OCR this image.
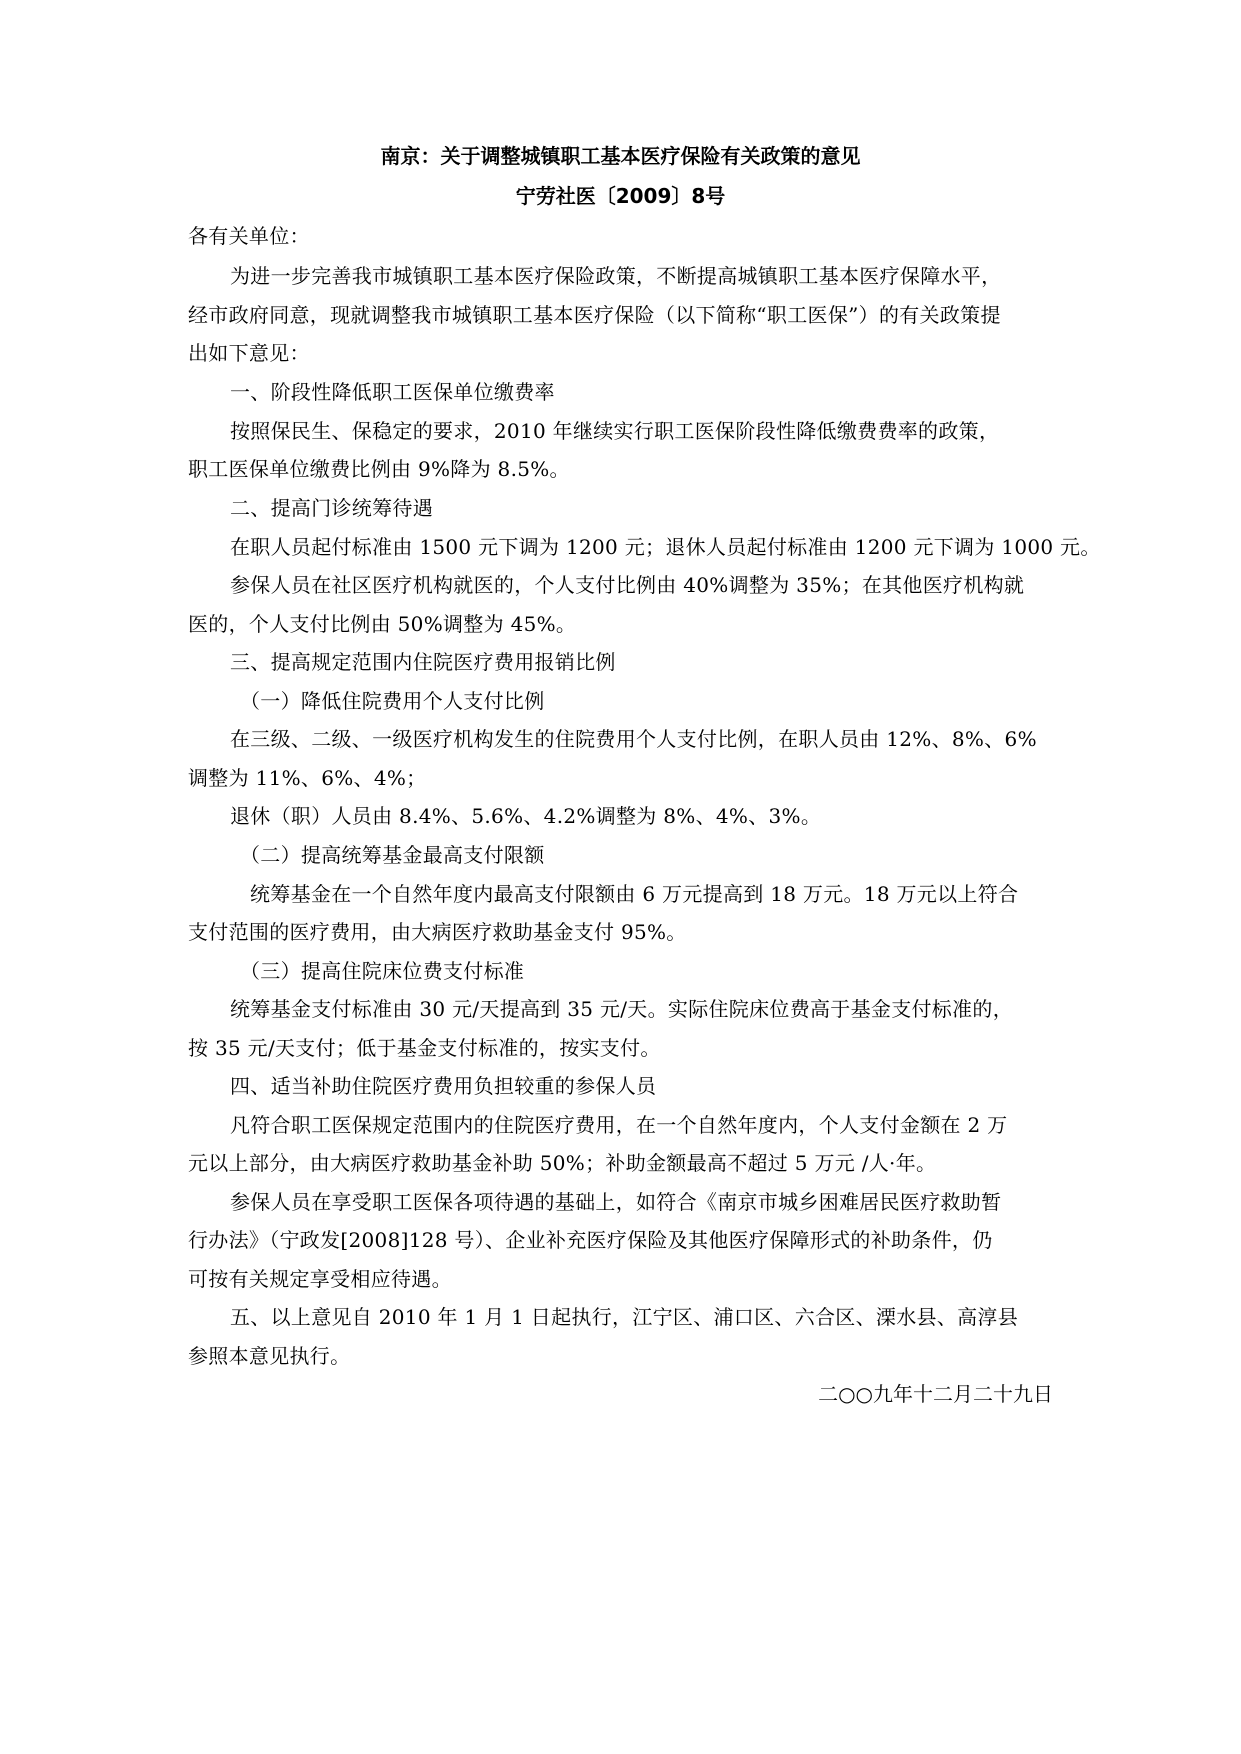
南京：关于调整城镇职工基本医疗保险有关政策的意见
宁劳社医〔2009〕8号
各有关单位：
为进一步完善我市城镇职工基本医疗保险政策，不断提高城镇职工基本医疗保障水平，
经市政府同意，现就调整我市城镇职工基本医疗保险（以下简称“职工医保”）的有关政策提
出如下意见：
一、阶段性降低职工医保单位缴费率
按照保民生、保稳定的要求，2010 年继续实行职工医保阶段性降低缴费费率的政策，
职工医保单位缴费比例由 9%降为 8.5%。
二、提高门诊统筹待遇
在职人员起付标准由 1500 元下调为 1200 元；退休人员起付标准由 1200 元下调为 1000 元。
参保人员在社区医疗机构就医的，个人支付比例由 40%调整为 35%；在其他医疗机构就
医的，个人支付比例由 50%调整为 45%。
三、提高规定范围内住院医疗费用报销比例
（一）降低住院费用个人支付比例
在三级、二级、一级医疗机构发生的住院费用个人支付比例，在职人员由 12%、8%、6%
调整为 11%、6%、4%；
退休（职）人员由 8.4%、5.6%、4.2%调整为 8%、4%、3%。
（二）提高统筹基金最高支付限额
统筹基金在一个自然年度内最高支付限额由 6 万元提高到 18 万元。18 万元以上符合
支付范围的医疗费用，由大病医疗救助基金支付 95%。
（三）提高住院床位费支付标准
统筹基金支付标准由 30 元/天提高到 35 元/天。实际住院床位费高于基金支付标准的，
按 35 元/天支付；低于基金支付标准的，按实支付。
四、适当补助住院医疗费用负担较重的参保人员
凡符合职工医保规定范围内的住院医疗费用，在一个自然年度内，个人支付金额在 2 万
元以上部分，由大病医疗救助基金补助 50%；补助金额最高不超过 5 万元 /人·年。
参保人员在享受职工医保各项待遇的基础上，如符合《南京市城乡困难居民医疗救助暂
行办法》（宁政发[2008]128 号）、企业补充医疗保险及其他医疗保障形式的补助条件，仍
可按有关规定享受相应待遇。
五、以上意见自 2010 年 1 月 1 日起执行，江宁区、浦口区、六合区、溧水县、高淳县
参照本意见执行。
二○○九年十二月二十九日
